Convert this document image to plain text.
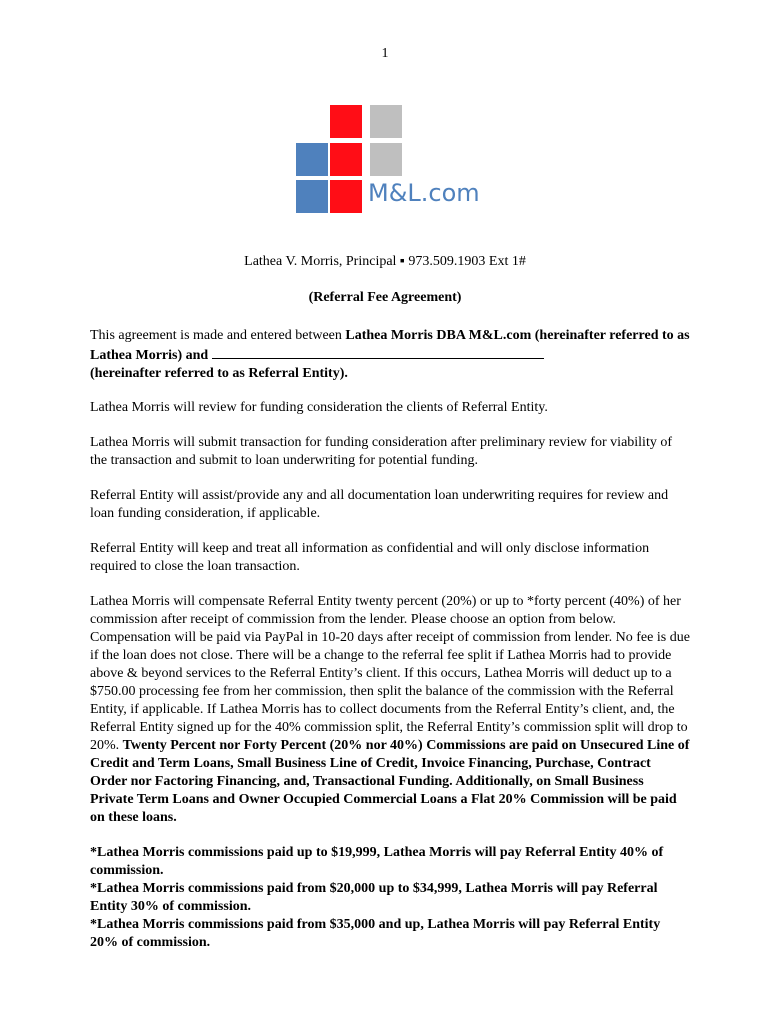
1
M&L.com
Lathea V. Morris, Principal ▪ 973.509.1903 Ext 1#
(Referral Fee Agreement)

This agreement is made and entered between Lathea Morris DBA M&L.com (hereinafter referred to as Lathea Morris) and
(hereinafter referred to as Referral Entity).

Lathea Morris will review for funding consideration the clients of Referral Entity.

Lathea Morris will submit transaction for funding consideration after preliminary review for viability of the transaction and submit to loan underwriting for potential funding.

Referral Entity will assist/provide any and all documentation loan underwriting requires for review and loan funding consideration, if applicable.

Referral Entity will keep and treat all information as confidential and will only disclose information required to close the loan transaction.

Lathea Morris will compensate Referral Entity twenty percent (20%) or up to *forty percent (40%) of her commission after receipt of commission from the lender. Please choose an option from below. Compensation will be paid via PayPal in 10-20 days after receipt of commission from lender. No fee is due if the loan does not close. There will be a change to the referral fee split if Lathea Morris had to provide above & beyond services to the Referral Entity’s client. If this occurs, Lathea Morris will deduct up to a $750.00 processing fee from her commission, then split the balance of the commission with the Referral Entity, if applicable. If Lathea Morris has to collect documents from the Referral Entity’s client, and, the Referral Entity signed up for the 40% commission split, the Referral Entity’s commission split will drop to 20%. Twenty Percent nor Forty Percent (20% nor 40%) Commissions are paid on Unsecured Line of Credit and Term Loans, Small Business Line of Credit, Invoice Financing, Purchase, Contract Order nor Factoring Financing, and, Transactional Funding. Additionally, on Small Business Private Term Loans and Owner Occupied Commercial Loans a Flat 20% Commission will be paid on these loans.

*Lathea Morris commissions paid up to $19,999, Lathea Morris will pay Referral Entity 40% of commission.

*Lathea Morris commissions paid from $20,000 up to $34,999, Lathea Morris will pay Referral Entity 30% of commission.

*Lathea Morris commissions paid from $35,000 and up, Lathea Morris will pay Referral Entity 20% of commission.
